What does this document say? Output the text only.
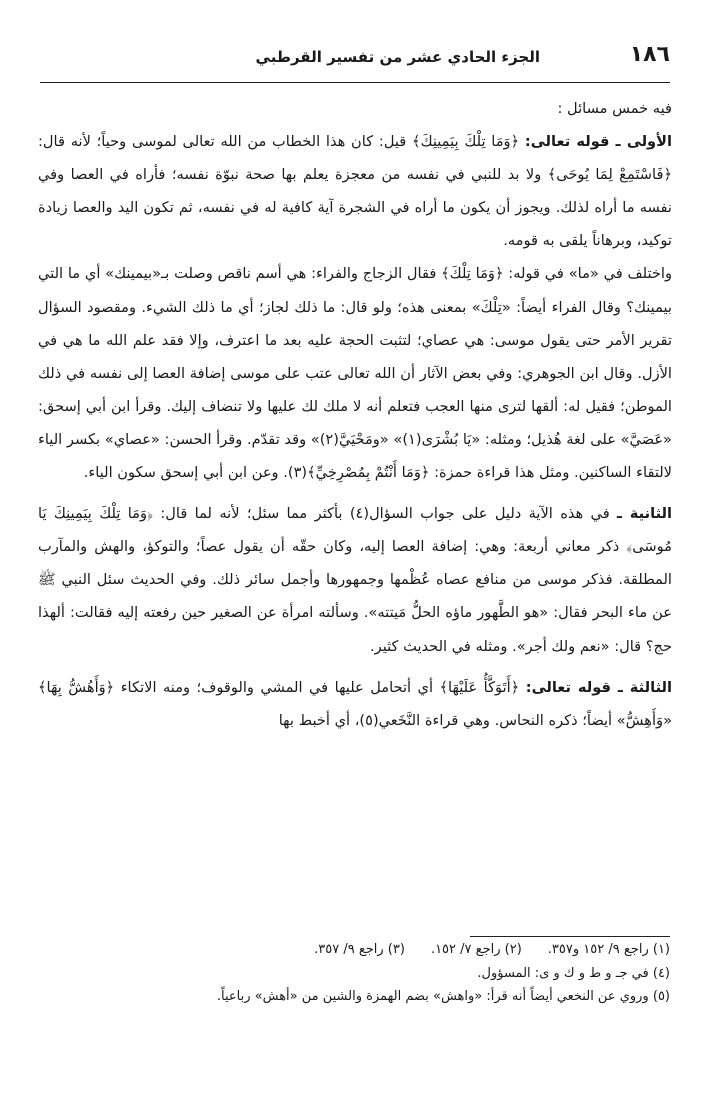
١٨٦
الجزء الحادي عشر من تفسير القرطبي

فيه خمس مسائل :

الأولى ـ قوله تعالى: ﴿وَمَا تِلْكَ بِيَمِينِكَ﴾ قيل: كان هذا الخطاب من الله تعالى لموسى وحياً؛ لأنه قال: ﴿فَاسْتَمِعْ لِمَا يُوحَى﴾ ولا بد للنبي في نفسه من معجزة يعلم بها صحة نبوّة نفسه؛ فأراه في العصا وفي نفسه ما أراه لذلك. ويجوز أن يكون ما أراه في الشجرة آية كافية له في نفسه، ثم تكون اليد والعصا زيادة توكيد، وبرهاناً يلقى به قومه.

واختلف في «ما» في قوله: ﴿وَمَا تِلْكَ﴾ فقال الزجاج والفراء: هي أسم ناقص وصلت بـ«بيمينك» أي ما التي بيمينك؟ وقال الفراء أيضاً: «تِلْكَ» بمعنى هذه؛ ولو قال: ما ذلك لجاز؛ أي ما ذلك الشيء. ومقصود السؤال تقرير الأمر حتى يقول موسى: هي عصاي؛ لتثبت الحجة عليه بعد ما اعترف، وإلا فقد علم الله ما هي في الأزل. وقال ابن الجوهري: وفي بعض الآثار أن الله تعالى عتب على موسى إضافة العصا إلى نفسه في ذلك الموطن؛ فقيل له: ألقها لترى منها العجب فتعلم أنه لا ملك لك عليها ولا تنضاف إليك. وقرأ ابن أبي إسحق: «عَصَيَّ» على لغة هُذيل؛ ومثله: «يَا بُشْرَى(١)» «ومَحْيَيَّ(٢)» وقد تقدّم. وقرأ الحسن: «عصاي» بكسر الياء لالتقاء الساكنين. ومثل هذا قراءة حمزة: ﴿وَمَا أَنْتُمْ بِمُصْرِخِيِّ﴾(٣). وعن ابن أبي إسحق سكون الياء.

الثانية ـ في هذه الآية دليل على جواب السؤال(٤) بأكثر مما سئل؛ لأنه لما قال: ﴿وَمَا تِلْكَ بِيَمِينِكَ يَا مُوسَى﴾ ذكر معاني أربعة: وهي: إضافة العصا إليه، وكان حقّه أن يقول عصاً؛ والتوكؤ، والهش والمآرب المطلقة. فذكر موسى من منافع عصاه عُظْمها وجمهورها وأجمل سائر ذلك. وفي الحديث سئل النبي ﷺ عن ماء البحر فقال: «هو الطَّهور ماؤه الحلُّ مَيتته». وسألته امرأة عن الصغير حين رفعته إليه فقالت: ألهذا حج؟ قال: «نعم ولك أجر». ومثله في الحديث كثير.

الثالثة ـ قوله تعالى: ﴿أَتَوَكَّأُ عَلَيْهَا﴾ أي أتحامل عليها في المشي والوقوف؛ ومنه الاتكاء ﴿وَأَهُشُّ بِهَا﴾ «وَأَهِشُّ» أيضاً؛ ذكره النحاس. وهي قراءة النَّخَعي(٥)، أي أخبط بها

(١) راجع ٩/ ١٥٢ و٣٥٧.(٢) راجع ٧/ ١٥٢.(٣) راجع ٩/ ٣٥٧.
(٤) في جـ و ط و ك و ى: المسؤول.
(٥) وروي عن النخعي أيضاً أنه قرأ: «واهش» بضم الهمزة والشين من «أهش» رباعياً.
